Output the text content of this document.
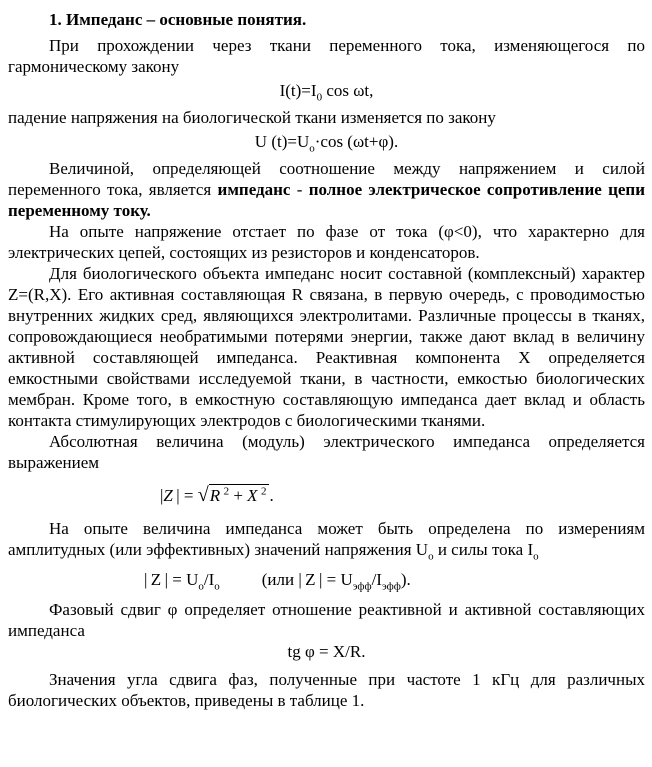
1. Импеданс – основные понятия.

При прохождении через ткани переменного тока, изменяющегося по гармоническому закону

$I(t)=I_0$ cos ωt,

падение напряжения на биологической ткани изменяется по закону

U $(t)=U_o\cdot\cos$ (ωt+φ).

Величиной, определяющей соотношение между напряжением и силой переменного тока, является импеданс - полное электрическое сопротивление цепи переменному току.

На опыте напряжение отстает по фазе от тока (φ<0), что характерно для электрических цепей, состоящих из резисторов и конденсаторов.

Для биологического объекта импеданс носит составной (комплексный) характер Z=(R,X). Его активная составляющая R связана, в первую очередь, с проводимостью внутренних жидких сред, являющихся электролитами. Различные процессы в тканях, сопровождающиеся необратимыми потерями энергии, также дают вклад в величину активной составляющей импеданса. Реактивная компонента Х определяется емкостными свойствами исследуемой ткани, в частности, емкостью биологических мембран. Кроме того, в емкостную составляющую импеданса дает вклад и область контакта стимулирующих электродов с биологическими тканями.

Абсолютная величина (модуль) электрического импеданса определяется выражением

|Z | = √R  $^2$ + X  $^2$ .

На опыте величина импеданса может быть определена по измерениям амплитудных (или эффективных) значений напряжения $U_o$ и силы тока $I_o$

| Z | = $U_o/I_o$ (или | Z | = $U_{эфф}/I_{эфф}$).

Фазовый сдвиг φ определяет отношение реактивной и активной составляющих импеданса

tg φ = X/R.

Значения угла сдвига фаз, полученные при частоте 1 кГц для различных биологических объектов, приведены в таблице 1.
